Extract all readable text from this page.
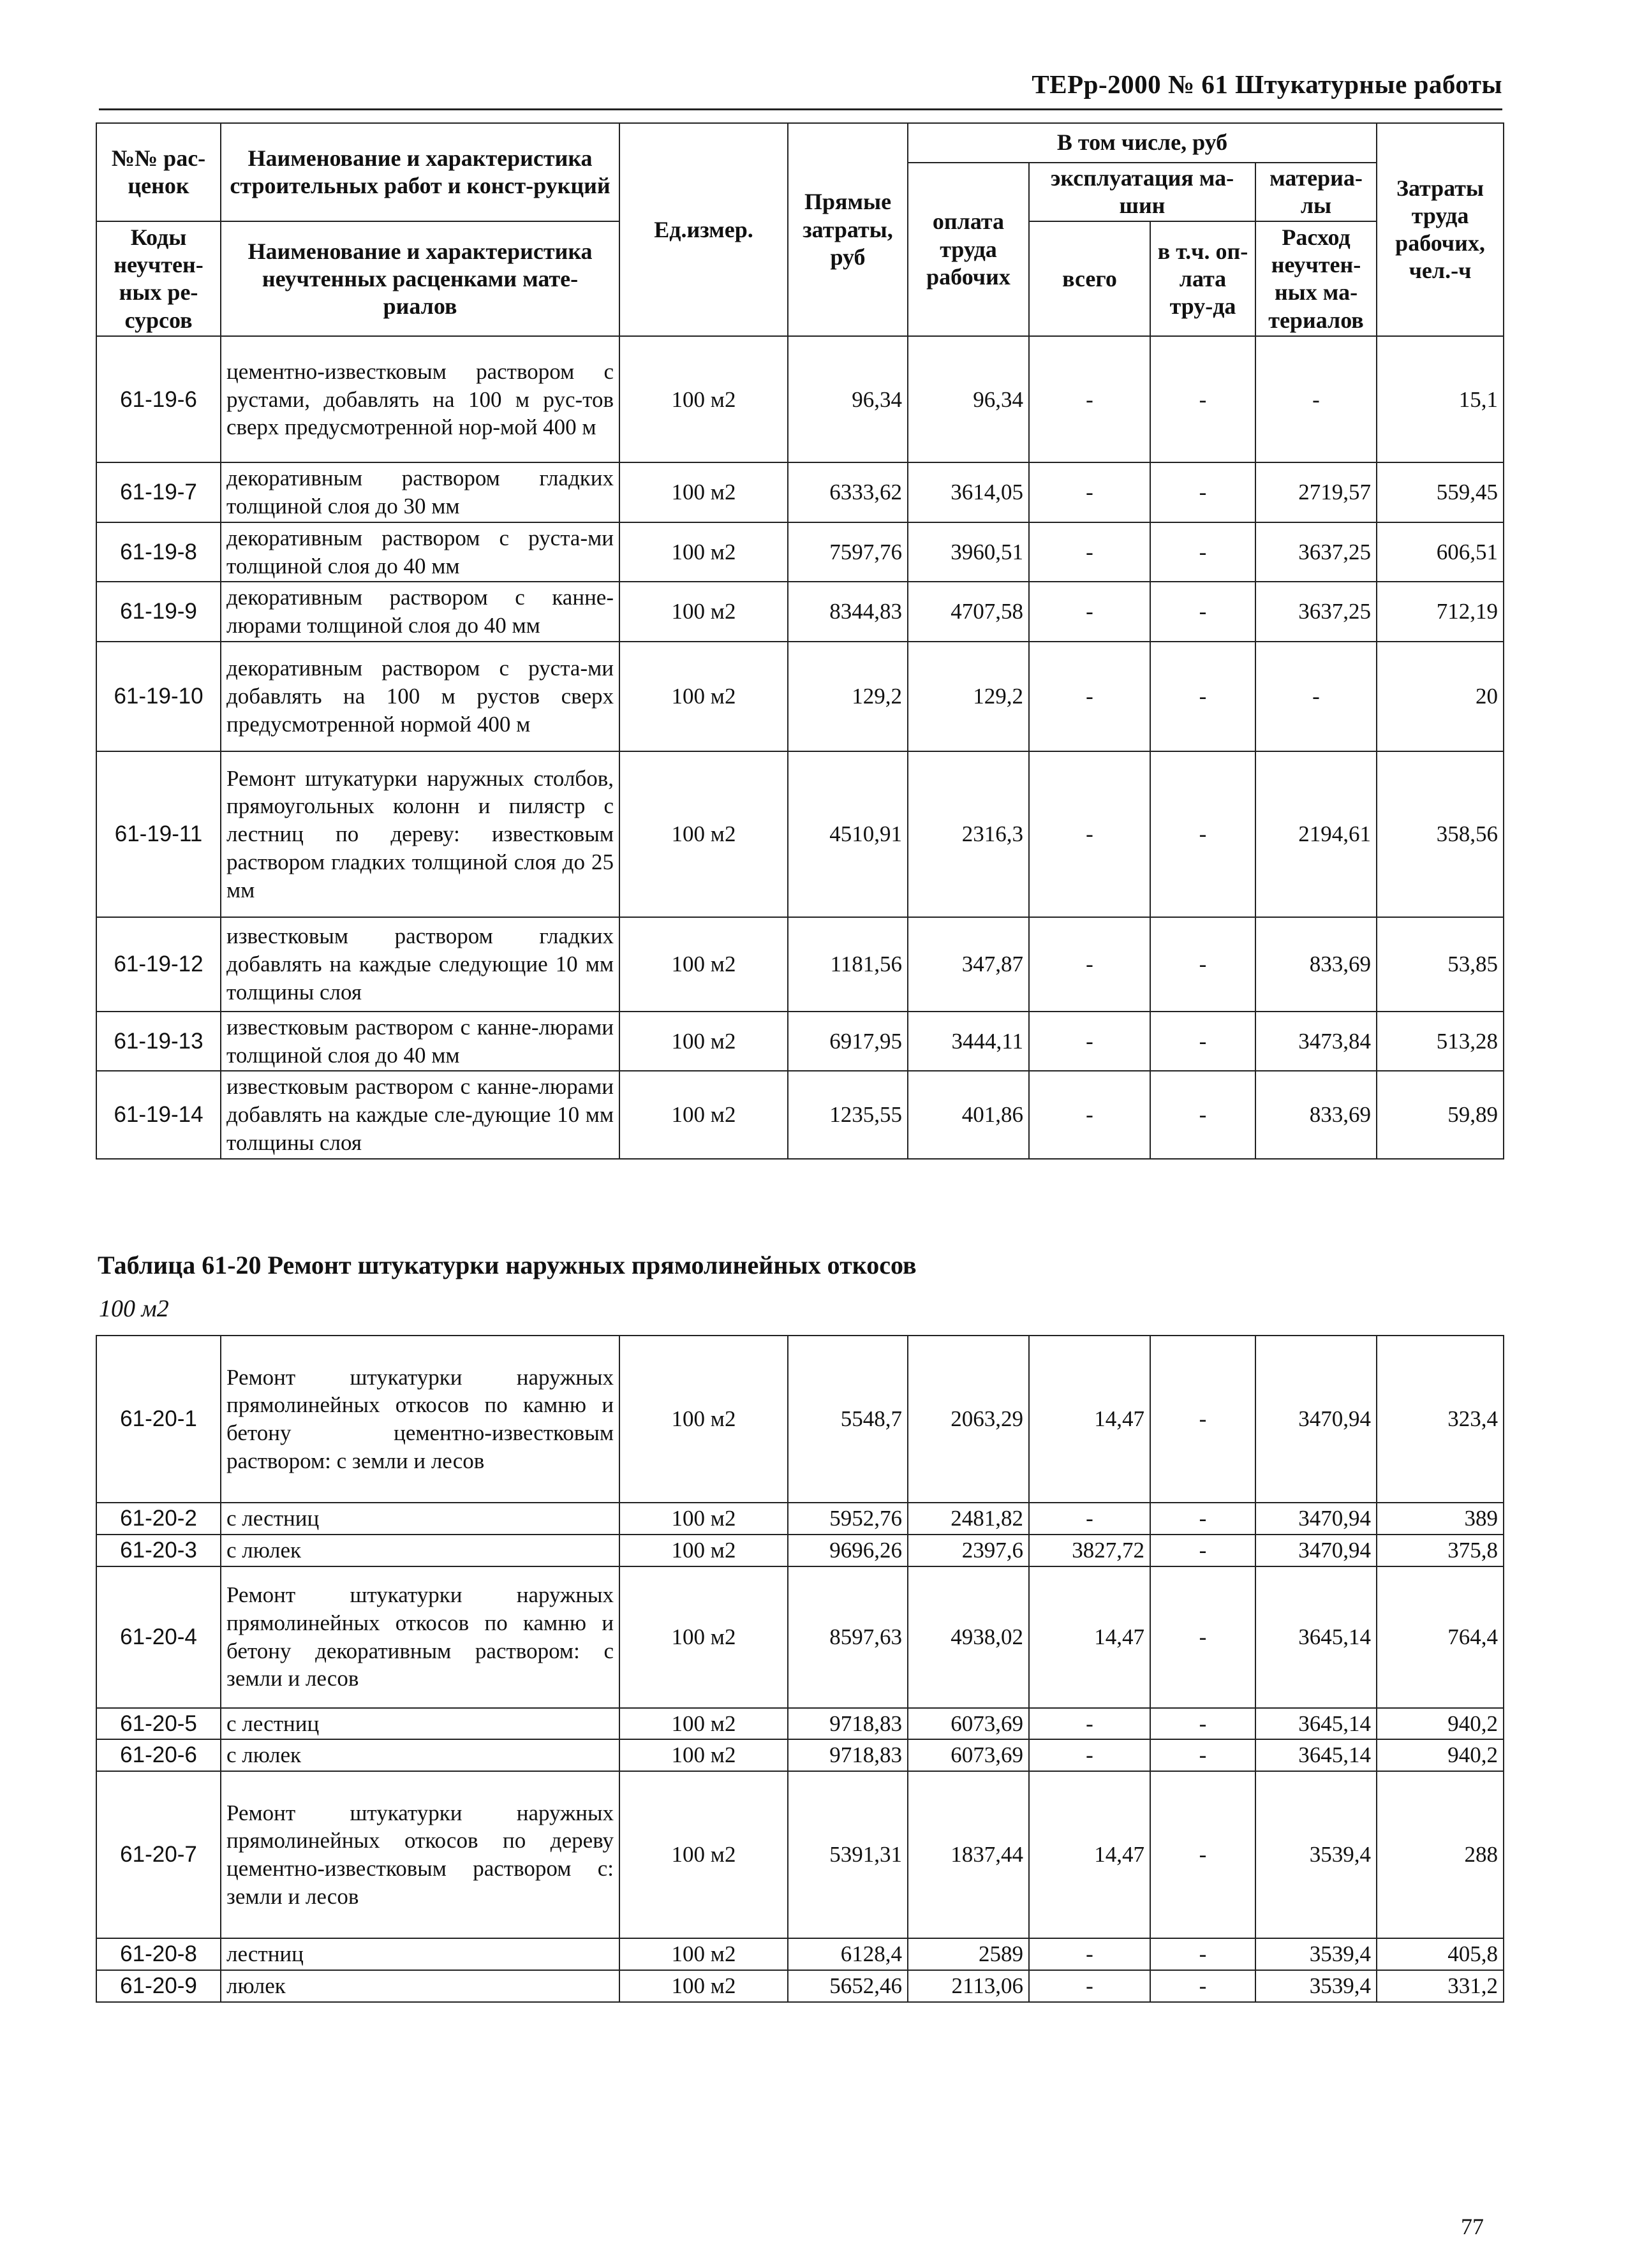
ТЕРр-2000 № 61 Штукатурные работы
№№ рас-ценок	Наименование и характеристика строительных работ и конст-рукций	Ед.измер.	Прямые затраты, руб	В том числе, руб				Затраты труда рабочих, чел.-ч
				оплата труда рабочих	эксплуатация ма-шин		материа-лы	

Коды неучтен-ных ре-сурсов	Наименование и характеристика неучтенных расценками мате-риалов				всего	в т.ч. оп-лата тру-да	Расход неучтен-ных ма-териалов	

61-19-6	цементно-известковым раствором с рустами, добавлять на 100 м рус-тов сверх предусмотренной нор-мой 400 м	100 м2	96,34	96,34	-	-	-	15,1
61-19-7	декоративным раствором гладких толщиной слоя до 30 мм	100 м2	6333,62	3614,05	-	-	2719,57	559,45
61-19-8	декоративным раствором с руста-ми толщиной слоя до 40 мм	100 м2	7597,76	3960,51	-	-	3637,25	606,51
61-19-9	декоративным раствором с канне-люрами толщиной слоя до 40 мм	100 м2	8344,83	4707,58	-	-	3637,25	712,19
61-19-10	декоративным раствором с руста-ми добавлять на 100 м рустов сверх предусмотренной нормой 400 м	100 м2	129,2	129,2	-	-	-	20
61-19-11	Ремонт штукатурки наружных столбов, прямоугольных колонн и пилястр с лестниц по дереву: известковым раствором гладких толщиной слоя до 25 мм	100 м2	4510,91	2316,3	-	-	2194,61	358,56
61-19-12	известковым раствором гладких добавлять на каждые следующие 10 мм толщины слоя	100 м2	1181,56	347,87	-	-	833,69	53,85
61-19-13	известковым раствором с канне-люрами толщиной слоя до 40 мм	100 м2	6917,95	3444,11	-	-	3473,84	513,28
61-19-14	известковым раствором с канне-люрами добавлять на каждые сле-дующие 10 мм толщины слоя	100 м2	1235,55	401,86	-	-	833,69	59,89
Таблица 61-20 Ремонт штукатурки наружных прямолинейных откосов
100 м2
61-20-1	Ремонт штукатурки наружных прямолинейных откосов по камню и бетону цементно-известковым раствором: с земли и лесов	100 м2	5548,7	2063,29	14,47	-	3470,94	323,4
61-20-2	с лестниц	100 м2	5952,76	2481,82	-	-	3470,94	389
61-20-3	с люлек	100 м2	9696,26	2397,6	3827,72	-	3470,94	375,8
61-20-4	Ремонт штукатурки наружных прямолинейных откосов по камню и бетону декоративным раствором: с земли и лесов	100 м2	8597,63	4938,02	14,47	-	3645,14	764,4
61-20-5	с лестниц	100 м2	9718,83	6073,69	-	-	3645,14	940,2
61-20-6	с люлек	100 м2	9718,83	6073,69	-	-	3645,14	940,2
61-20-7	Ремонт штукатурки наружных прямолинейных откосов по дереву цементно-известковым раствором с: земли и лесов	100 м2	5391,31	1837,44	14,47	-	3539,4	288
61-20-8	лестниц	100 м2	6128,4	2589	-	-	3539,4	405,8
61-20-9	люлек	100 м2	5652,46	2113,06	-	-	3539,4	331,2
77
